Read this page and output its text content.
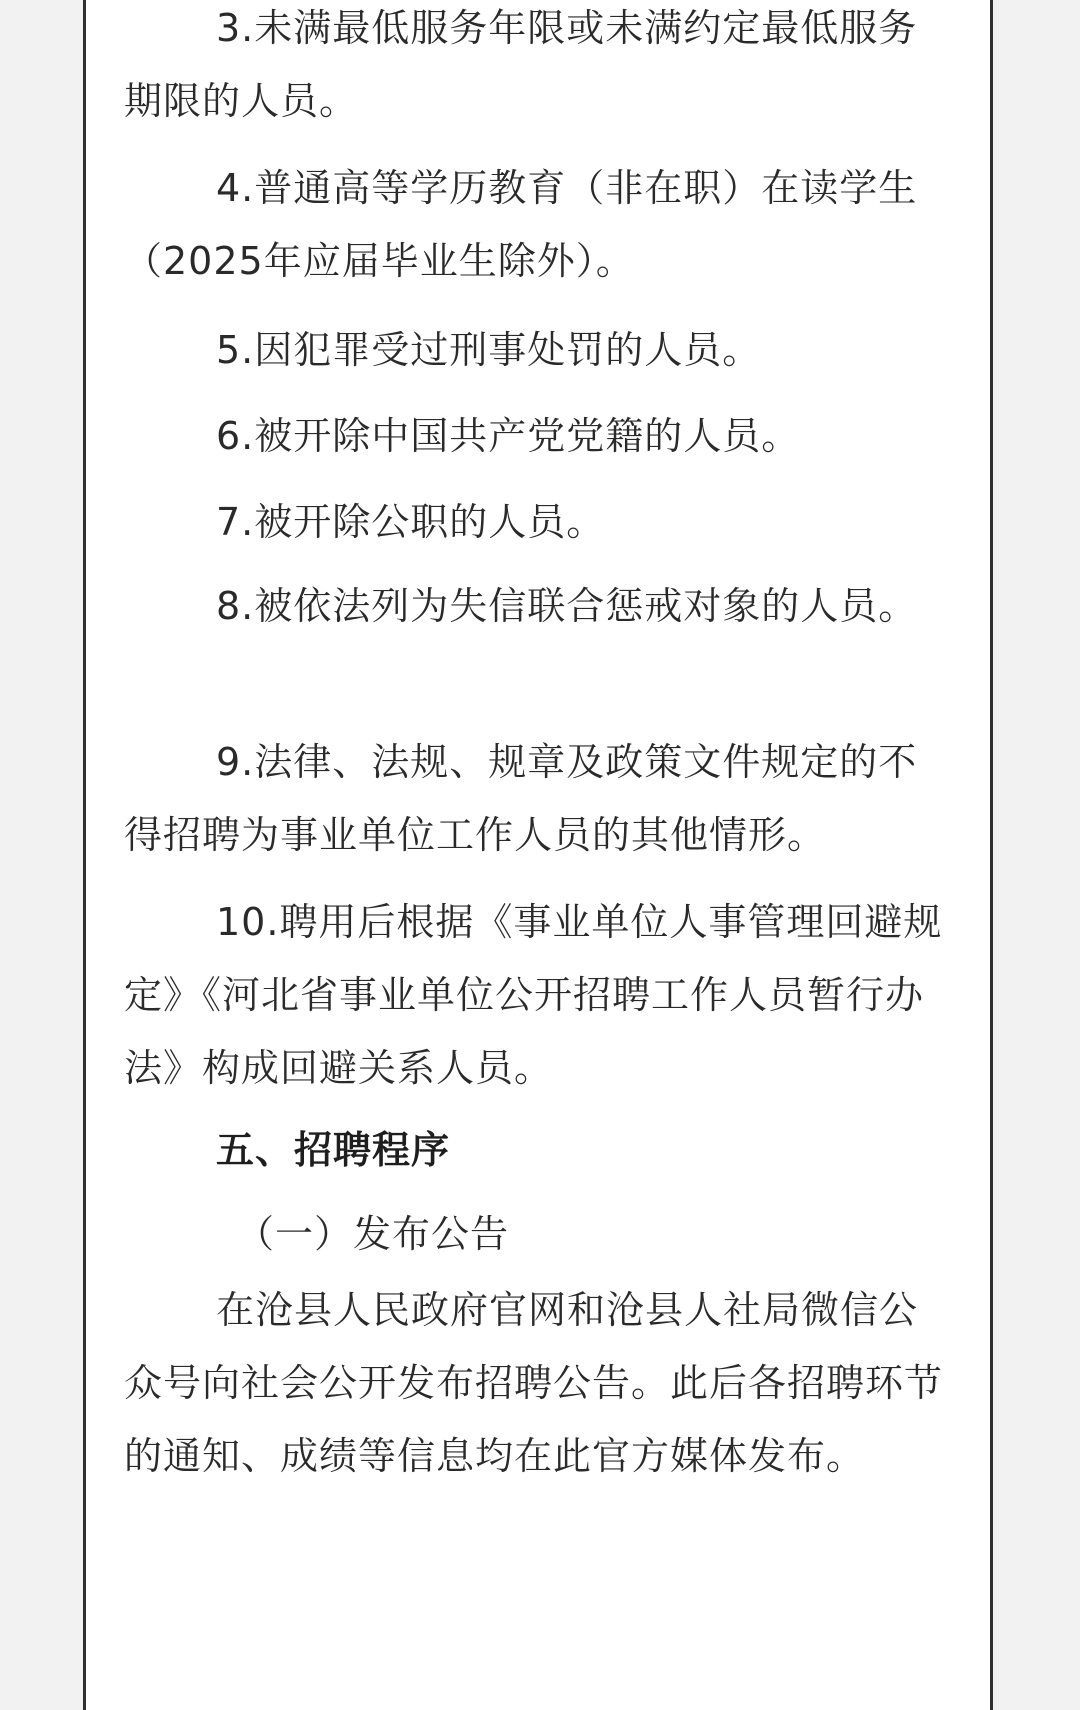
3.未满最低服务年限或未满约定最低服务期限的人员。

4.普通高等学历教育（非在职）在读学生（2025年应届毕业生除外）。

5.因犯罪受过刑事处罚的人员。

6.被开除中国共产党党籍的人员。

7.被开除公职的人员。

8.被依法列为失信联合惩戒对象的人员。

9.法律、法规、规章及政策文件规定的不得招聘为事业单位工作人员的其他情形。

10.聘用后根据《事业单位人事管理回避规定》《河北省事业单位公开招聘工作人员暂行办法》构成回避关系人员。

五、招聘程序

（一）发布公告

在沧县人民政府官网和沧县人社局微信公众号向社会公开发布招聘公告。此后各招聘环节的通知、成绩等信息均在此官方媒体发布。
